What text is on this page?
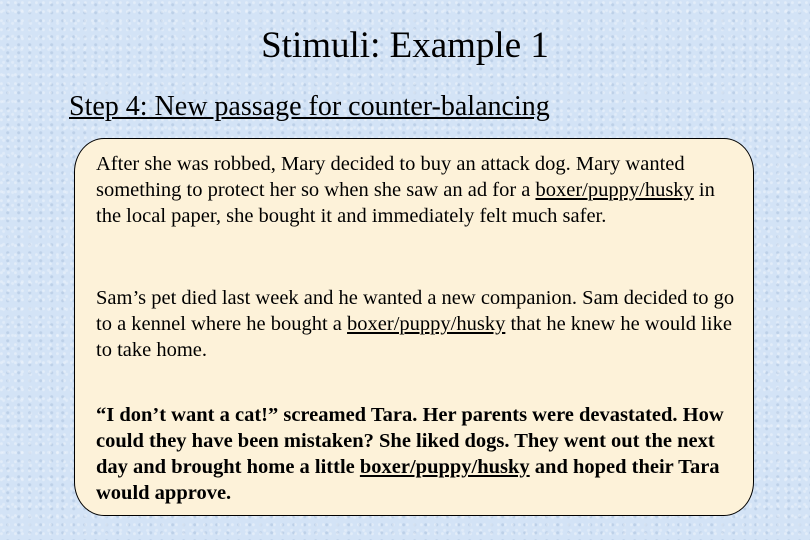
Stimuli: Example 1
Step 4: New passage for counter-balancing
After she was robbed, Mary decided to buy an attack dog. Mary wanted something to protect her so when she saw an ad for a boxer/puppy/husky in the local paper, she bought it and immediately felt much safer.
Sam’s pet died last week and he wanted a new companion. Sam decided to go to a kennel where he bought a boxer/puppy/husky that he knew he would like to take home.
“I don’t want a cat!” screamed Tara. Her parents were devastated. How could they have been mistaken? She liked dogs. They went out the next day and brought home a little boxer/puppy/husky and hoped their Tara would approve.
